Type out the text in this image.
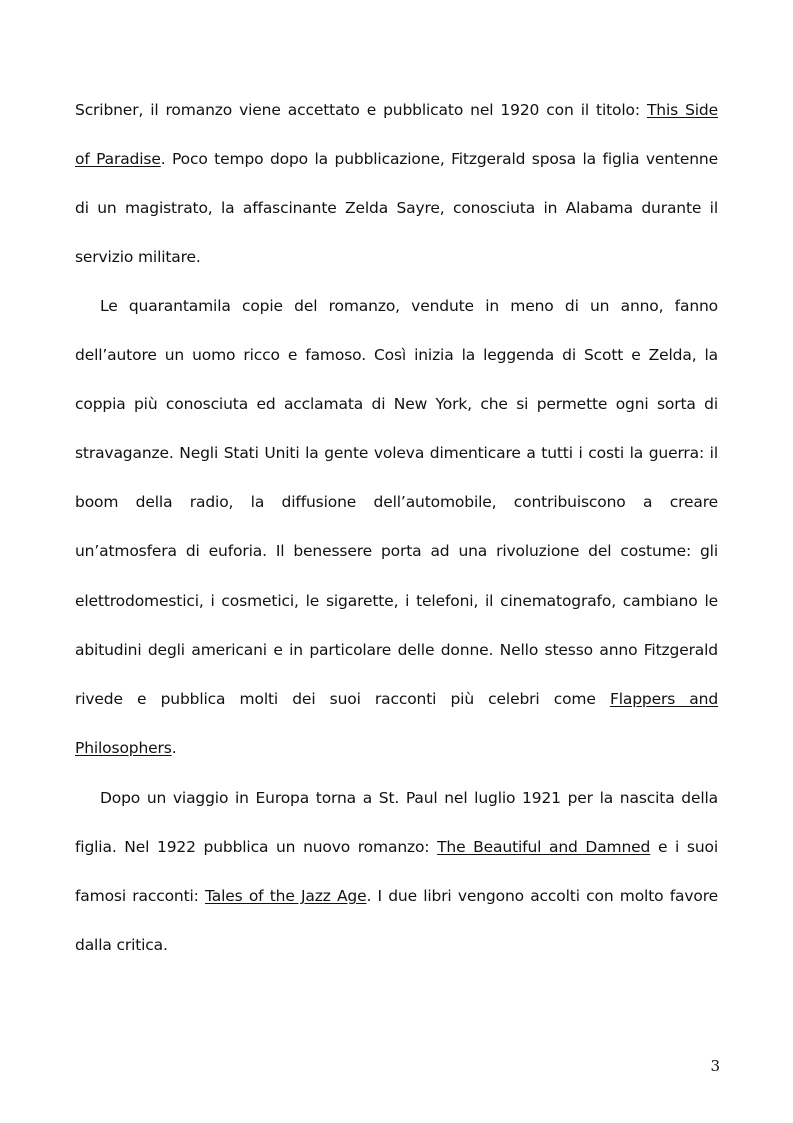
Scribner, il romanzo viene accettato e pubblicato nel 1920 con il titolo: This Side
of Paradise. Poco tempo dopo la pubblicazione, Fitzgerald sposa la figlia ventenne
di un magistrato, la affascinante Zelda Sayre, conosciuta in Alabama durante il
servizio militare.
Le quarantamila copie del romanzo, vendute in meno di un anno, fanno
dell’autore un uomo ricco e famoso. Così inizia la leggenda di Scott e Zelda, la
coppia più conosciuta ed acclamata di New York, che si permette ogni sorta di
stravaganze. Negli Stati Uniti la gente voleva dimenticare a tutti i costi la guerra: il
boom della radio, la diffusione dell’automobile, contribuiscono a creare
un’atmosfera di euforia. Il benessere porta ad una rivoluzione del costume: gli
elettrodomestici, i cosmetici, le sigarette, i telefoni, il cinematografo, cambiano le
abitudini degli americani e in particolare delle donne. Nello stesso anno Fitzgerald
rivede e pubblica molti dei suoi racconti più celebri come Flappers and
Philosophers.
Dopo un viaggio in Europa torna a St. Paul nel luglio 1921 per la nascita della
figlia. Nel 1922 pubblica un nuovo romanzo: The Beautiful and Damned e i suoi
famosi racconti: Tales of the Jazz Age. I due libri vengono accolti con molto favore
dalla critica.
3
